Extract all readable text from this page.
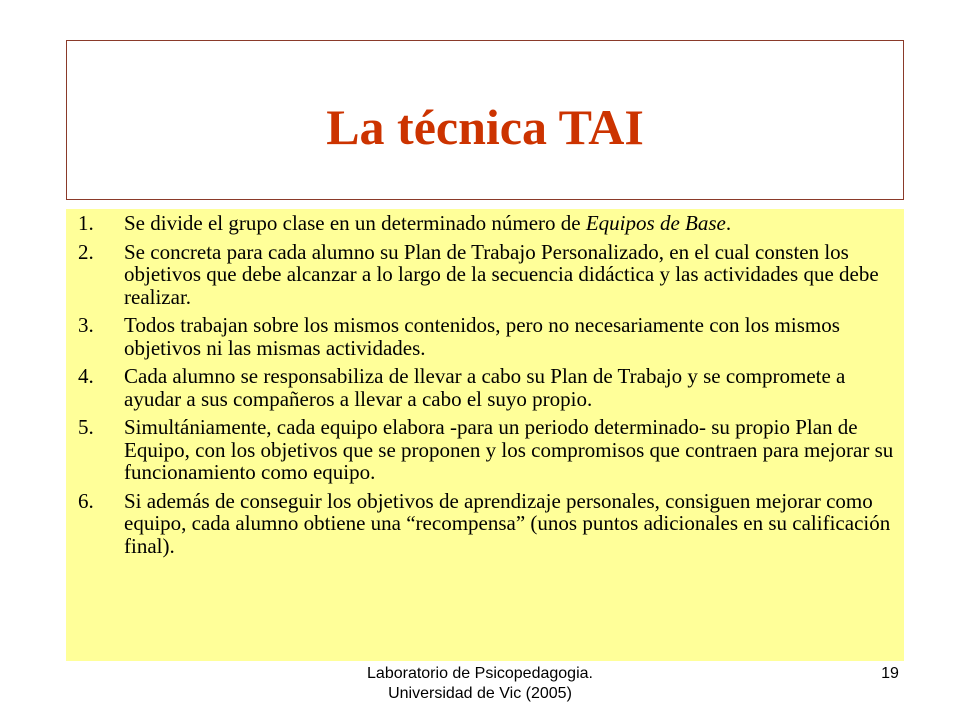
La técnica TAI
1.	Se divide el grupo clase en un determinado número de Equipos de Base.
2.	Se concreta para cada alumno su Plan de Trabajo Personalizado, en el cual consten los objetivos que debe alcanzar a lo largo de la secuencia didáctica y las actividades que debe realizar.
3.	Todos trabajan sobre los mismos contenidos, pero no necesariamente con los mismos objetivos ni las mismas actividades.
4.	Cada alumno se responsabiliza de llevar a cabo su Plan de Trabajo y se compromete a ayudar a sus compañeros a llevar a cabo el suyo propio.
5.	Simultániamente, cada equipo elabora -para un periodo determinado- su propio Plan de Equipo, con los objetivos que se proponen y los compromisos que contraen para mejorar su funcionamiento como equipo.
6.	Si además de conseguir los objetivos de aprendizaje personales, consiguen mejorar como equipo, cada alumno obtiene una “recompensa” (unos puntos adicionales en su calificación final).
Laboratorio de Psicopedagogia.
Universidad de Vic (2005)
19
